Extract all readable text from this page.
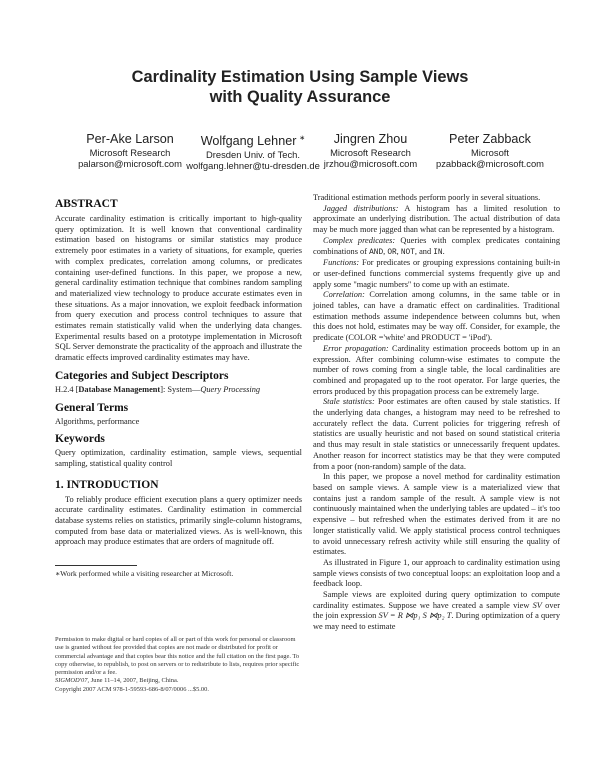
Cardinality Estimation Using Sample Views
with Quality Assurance
Per-Ake Larson
Microsoft Research
palarson@microsoft.com
Wolfgang Lehner ∗
Dresden Univ. of Tech.
wolfgang.lehner@tu-dresden.de
Jingren Zhou
Microsoft Research
jrzhou@microsoft.com
Peter Zabback
Microsoft
pzabback@microsoft.com
ABSTRACT
Accurate cardinality estimation is critically important to high-quality query optimization. It is well known that conventional cardinality estimation based on histograms or similar statistics may produce extremely poor estimates in a variety of situations, for example, queries with complex predicates, correlation among columns, or predicates containing user-defined functions. In this paper, we propose a new, general cardinality estimation technique that combines random sampling and materialized view technology to produce accurate estimates even in these situations. As a major innovation, we exploit feedback information from query execution and process control techniques to assure that estimates remain statistically valid when the underlying data changes. Experimental results based on a prototype implementation in Microsoft SQL Server demonstrate the practicality of the approach and illustrate the dramatic effects improved cardinality estimates may have.
Categories and Subject Descriptors
H.2.4 [Database Management]: System—Query Processing
General Terms
Algorithms, performance
Keywords
Query optimization, cardinality estimation, sample views, sequential sampling, statistical quality control
1. INTRODUCTION
To reliably produce efficient execution plans a query optimizer needs accurate cardinality estimates. Cardinality estimation in commercial database systems relies on statistics, primarily single-column histograms, computed from base data or materialized views. As is well-known, this approach may produce estimates that are orders of magnitude off.
∗Work performed while a visiting researcher at Microsoft.
Permission to make digital or hard copies of all or part of this work for personal or classroom use is granted without fee provided that copies are not made or distributed for profit or commercial advantage and that copies bear this notice and the full citation on the first page. To copy otherwise, to republish, to post on servers or to redistribute to lists, requires prior specific permission and/or a fee.
SIGMOD'07, June 11–14, 2007, Beijing, China.
Copyright 2007 ACM 978-1-59593-686-8/07/0006 ...$5.00.
Traditional estimation methods perform poorly in several situations.
Jagged distributions: A histogram has a limited resolution to approximate an underlying distribution. The actual distribution of data may be much more jagged than what can be represented by a histogram.
Complex predicates: Queries with complex predicates containing combinations of AND, OR, NOT, and IN.
Functions: For predicates or grouping expressions containing built-in or user-defined functions commercial systems frequently give up and apply some "magic numbers" to come up with an estimate.
Correlation: Correlation among columns, in the same table or in joined tables, can have a dramatic effect on cardinalities. Traditional estimation methods assume independence between columns but, when this does not hold, estimates may be way off. Consider, for example, the predicate (COLOR ='white' and PRODUCT = 'iPod').
Error propagation: Cardinality estimation proceeds bottom up in an expression. After combining column-wise estimates to compute the number of rows coming from a single table, the local cardinalities are combined and propagated up to the root operator. For large queries, the errors produced by this propagation process can be extremely large.
Stale statistics: Poor estimates are often caused by stale statistics. If the underlying data changes, a histogram may need to be refreshed to accurately reflect the data. Current policies for triggering refresh of statistics are usually heuristic and not based on sound statistical criteria and thus may result in stale statistics or unnecessarily frequent updates. Another reason for incorrect statistics may be that they were computed from a poor (non-random) sample of the data.
In this paper, we propose a novel method for cardinality estimation based on sample views. A sample view is a materialized view that contains just a random sample of the result. A sample view is not continuously maintained when the underlying tables are updated – it's too expensive – but refreshed when the estimates derived from it are no longer statistically valid. We apply statistical process control techniques to avoid unnecessary refresh activity while still ensuring the quality of estimates.
As illustrated in Figure 1, our approach to cardinality estimation using sample views consists of two conceptual loops: an exploitation loop and a feedback loop.
Sample views are exploited during query optimization to compute cardinality estimates. Suppose we have created a sample view SV over the join expression SV = R ⋈p₁ S ⋈p₂ T. During optimization of a query we may need to estimate
